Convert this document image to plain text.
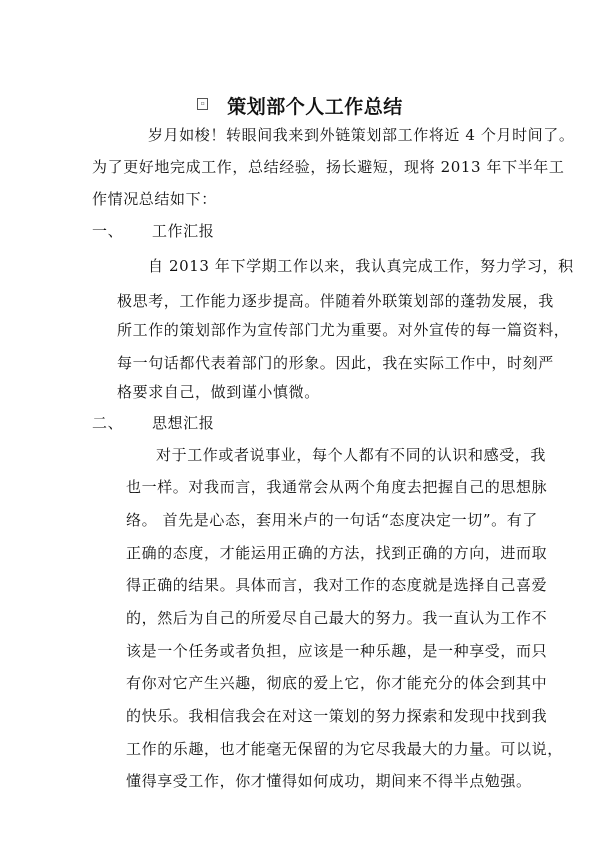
▫ 策划部个人工作总结
岁月如梭！转眼间我来到外链策划部工作将近 4 个月时间了。
为了更好地完成工作，总结经验，扬长避短，现将 2013 年下半年工
作情况总结如下：
一、 工作汇报
自 2013 年下学期工作以来，我认真完成工作，努力学习，积
极思考，工作能力逐步提高。伴随着外联策划部的蓬勃发展，我
所工作的策划部作为宣传部门尤为重要。对外宣传的每一篇资料，
每一句话都代表着部门的形象。因此，我在实际工作中，时刻严
格要求自己，做到谨小慎微。
二、 思想汇报
对于工作或者说事业，每个人都有不同的认识和感受，我
也一样。对我而言，我通常会从两个角度去把握自己的思想脉
络。 首先是心态，套用米卢的一句话“态度决定一切”。有了
正确的态度，才能运用正确的方法，找到正确的方向，进而取
得正确的结果。具体而言，我对工作的态度就是选择自己喜爱
的，然后为自己的所爱尽自己最大的努力。我一直认为工作不
该是一个任务或者负担，应该是一种乐趣，是一种享受，而只
有你对它产生兴趣，彻底的爱上它，你才能充分的体会到其中
的快乐。我相信我会在对这一策划的努力探索和发现中找到我
工作的乐趣，也才能毫无保留的为它尽我最大的力量。可以说，
懂得享受工作，你才懂得如何成功，期间来不得半点勉强。
